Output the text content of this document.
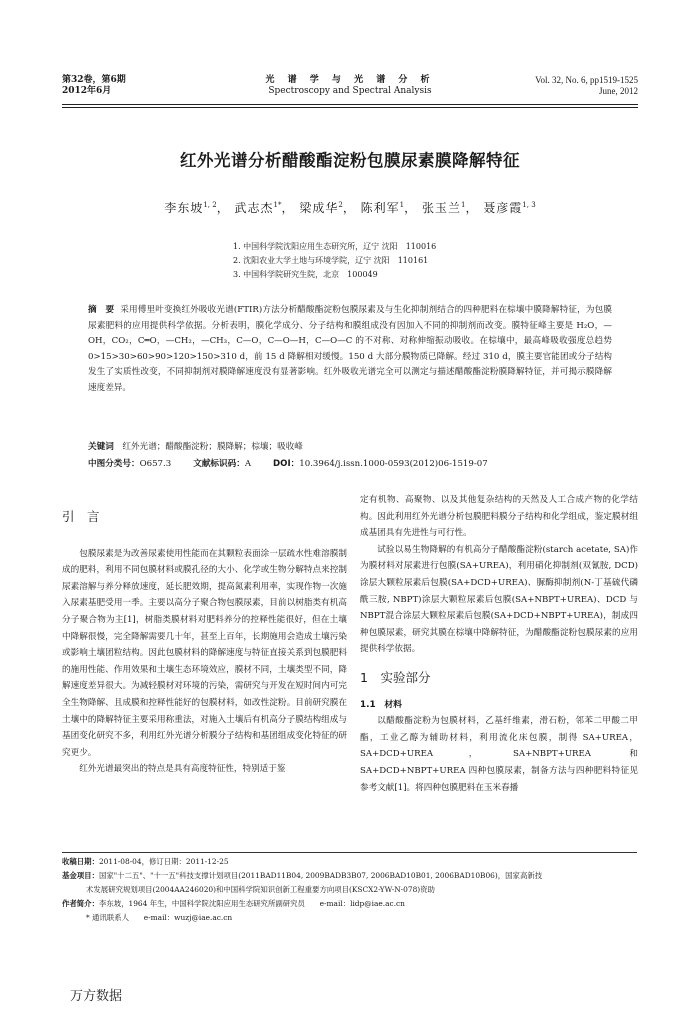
第32卷，第6期
2012年6月
光 谱 学 与 光 谱 分 析
Spectroscopy and Spectral Analysis
Vol. 32, No. 6, pp1519-1525
June, 2012
红外光谱分析醋酸酯淀粉包膜尿素膜降解特征
李东坡$^{1, 2}$， 武志杰$^{1*}$， 梁成华$^2$， 陈利军$^1$， 张玉兰$^1$， 聂彦霞$^{1, 3}$
1. 中国科学院沈阳应用生态研究所，辽宁 沈阳　110016
2. 沈阳农业大学土地与环境学院，辽宁 沈阳　110161
3. 中国科学院研究生院，北京　100049
摘　要 采用傅里叶变换红外吸收光谱(FTIR)方法分析醋酸酯淀粉包膜尿素及与生化抑制剂结合的四种肥料在棕壤中膜降解特征，为包膜尿素肥料的应用提供科学依据。分析表明，膜化学成分、分子结构和膜组成没有因加入不同的抑制剂而改变。膜特征峰主要是 H₂O，—OH，CO₂，C═O，—CH₂，—CH₃，C—O，C—O—H，C—O—C 的不对称、对称伸缩振动吸收。在棕壤中，最高峰吸收强度总趋势 0>15>30>60>90>120>150>310 d，前 15 d 降解相对缓慢。150 d 大部分膜物质已降解。经过 310 d，膜主要官能团或分子结构发生了实质性改变，不同抑制剂对膜降解速度没有显著影响。红外吸收光谱完全可以测定与描述醋酸酯淀粉膜降解特征，并可揭示膜降解速度差异。
关键词　 红外光谱；醋酸酯淀粉；膜降解；棕壤；吸收峰
中图分类号：O657.3	文献标识码：A	DOI：10.3964/j.issn.1000-0593(2012)06-1519-07
引　言

包膜尿素是为改善尿素使用性能而在其颗粒表面涂一层疏水性难溶膜制成的肥料，利用不同包膜材料或膜孔径的大小、化学或生物分解特点来控制尿素溶解与养分释放速度，延长肥效期，提高氮素利用率，实现作物一次施入尿素基肥受用一季。主要以高分子聚合物包膜尿素，目前以树脂类有机高分子聚合物为主[1]，树脂类膜材料对肥料养分的控释性能很好，但在土壤中降解很慢，完全降解需要几十年，甚至上百年，长期施用会造成土壤污染或影响土壤团粒结构。因此包膜材料的降解速度与特征直接关系到包膜肥料的施用性能、作用效果和土壤生态环境效应，膜材不同，土壤类型不同，降解速度差异很大。为减轻膜材对环境的污染，需研究与开发在短时间内可完全生物降解、且成膜和控释性能好的包膜材料，如改性淀粉。目前研究膜在土壤中的降解特征主要采用称重法，对施入土壤后有机高分子膜结构组成与基团变化研究不多，利用红外光谱分析膜分子结构和基团组成变化特征的研究更少。

红外光谱最突出的特点是具有高度特征性，特别适于鉴

定有机物、高聚物、以及其他复杂结构的天然及人工合成产物的化学结构。因此利用红外光谱分析包膜肥料膜分子结构和化学组成，鉴定膜材组成基团具有先进性与可行性。

试验以易生物降解的有机高分子醋酸酯淀粉(starch acetate, SA)作为膜材料对尿素进行包膜(SA+UREA)，利用硝化抑制剂(双氰胺, DCD)涂层大颗粒尿素后包膜(SA+DCD+UREA)、脲酶抑制剂(N-丁基硫代磷酰三胺, NBPT)涂层大颗粒尿素后包膜(SA+NBPT+UREA)、DCD 与 NBPT混合涂层大颗粒尿素后包膜(SA+DCD+NBPT+UREA)，制成四种包膜尿素，研究其膜在棕壤中降解特征，为醋酸酯淀粉包膜尿素的应用提供科学依据。

1　实验部分
1.1　材料

以醋酸酯淀粉为包膜材料，乙基纤维素，滑石粉，邻苯二甲酸二甲酯，工业乙醇为辅助材料，利用流化床包膜，制得 SA+UREA，SA+DCD+UREA，SA+NBPT+UREA 和 SA+DCD+NBPT+UREA 四种包膜尿素，制备方法与四种肥料特征见参考文献[1]。将四种包膜肥料在玉米春播

收稿日期：2011-08-04，修订日期：2011-12-25
基金项目：国家"十二五"、"十一五"科技支撑计划项目(2011BAD11B04, 2009BADB3B07, 2006BAD10B01, 2006BAD10B06)，国家高新技
术发展研究规划项目(2004AA246020)和中国科学院知识创新工程重要方向项目(KSCX2-YW-N-078)资助
作者简介：李东坡，1964 年生，中国科学院沈阳应用生态研究所副研究员　　e-mail：lidp@iae.ac.cn
* 通讯联系人　　e-mail：wuzj@iae.ac.cn
万方数据
